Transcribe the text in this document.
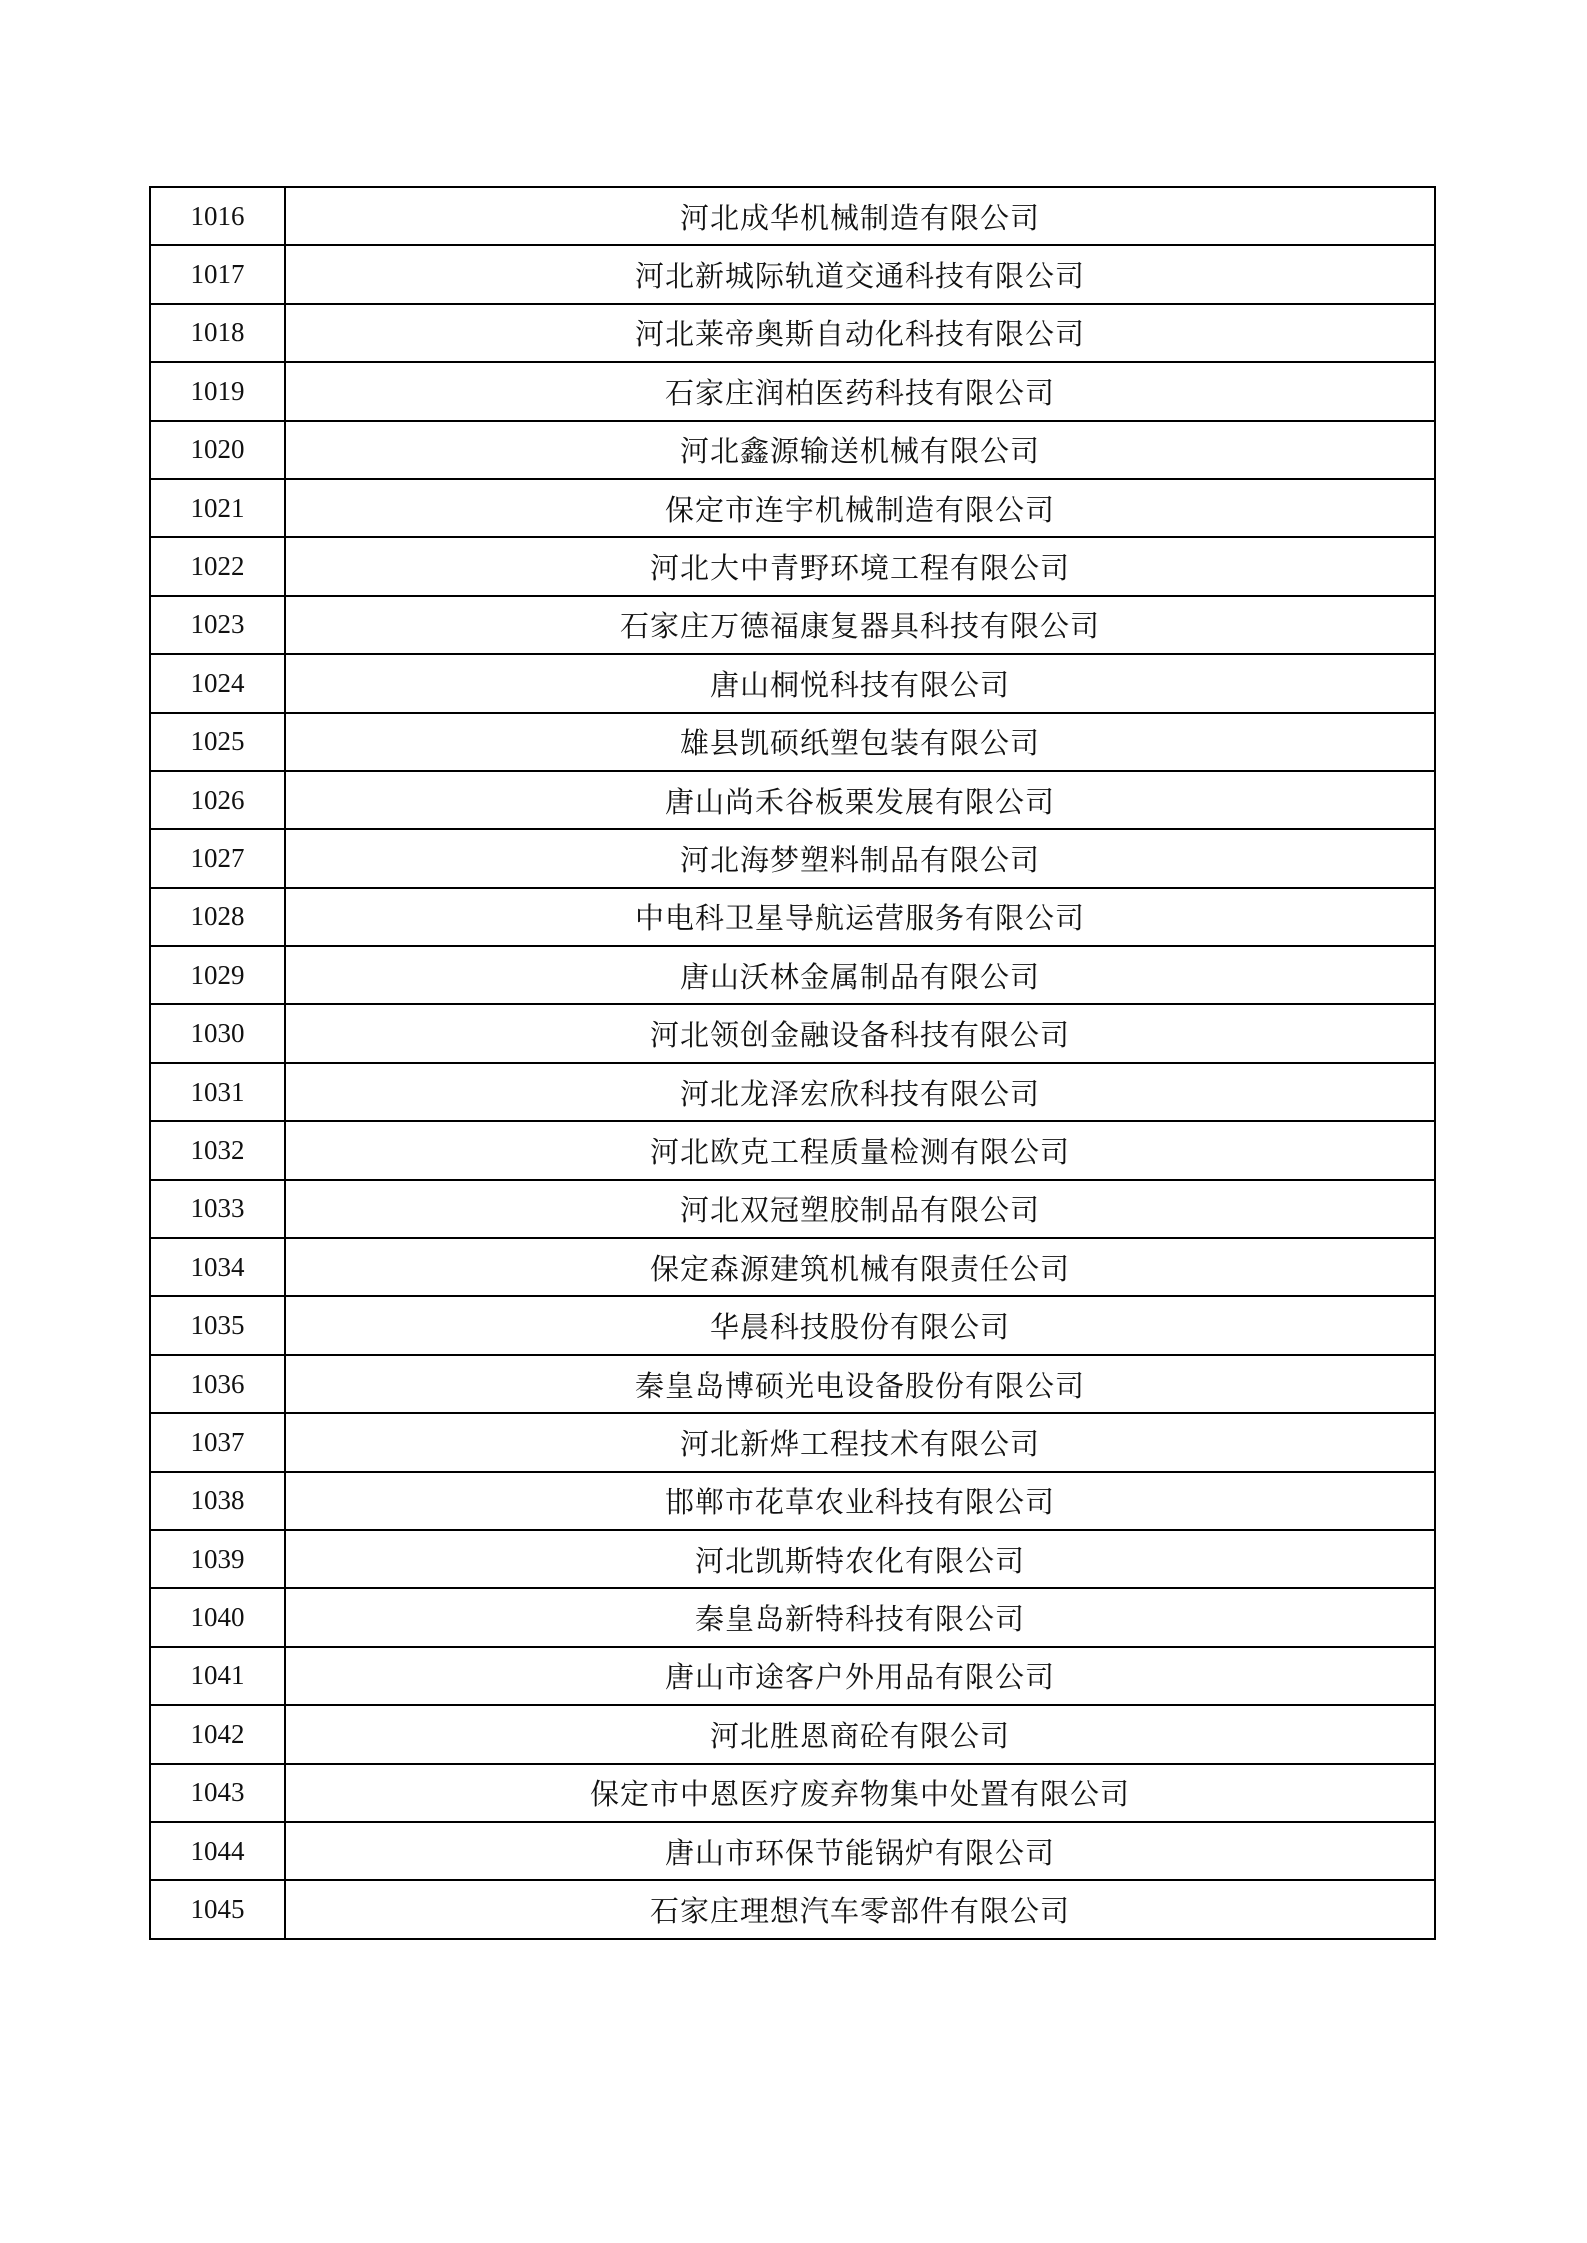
1016	河北成华机械制造有限公司
1017	河北新城际轨道交通科技有限公司
1018	河北莱帝奥斯自动化科技有限公司
1019	石家庄润柏医药科技有限公司
1020	河北鑫源输送机械有限公司
1021	保定市连宇机械制造有限公司
1022	河北大中青野环境工程有限公司
1023	石家庄万德福康复器具科技有限公司
1024	唐山桐悦科技有限公司
1025	雄县凯硕纸塑包装有限公司
1026	唐山尚禾谷板栗发展有限公司
1027	河北海梦塑料制品有限公司
1028	中电科卫星导航运营服务有限公司
1029	唐山沃林金属制品有限公司
1030	河北领创金融设备科技有限公司
1031	河北龙泽宏欣科技有限公司
1032	河北欧克工程质量检测有限公司
1033	河北双冠塑胶制品有限公司
1034	保定森源建筑机械有限责任公司
1035	华晨科技股份有限公司
1036	秦皇岛博硕光电设备股份有限公司
1037	河北新烨工程技术有限公司
1038	邯郸市花草农业科技有限公司
1039	河北凯斯特农化有限公司
1040	秦皇岛新特科技有限公司
1041	唐山市途客户外用品有限公司
1042	河北胜恩商砼有限公司
1043	保定市中恩医疗废弃物集中处置有限公司
1044	唐山市环保节能锅炉有限公司
1045	石家庄理想汽车零部件有限公司
